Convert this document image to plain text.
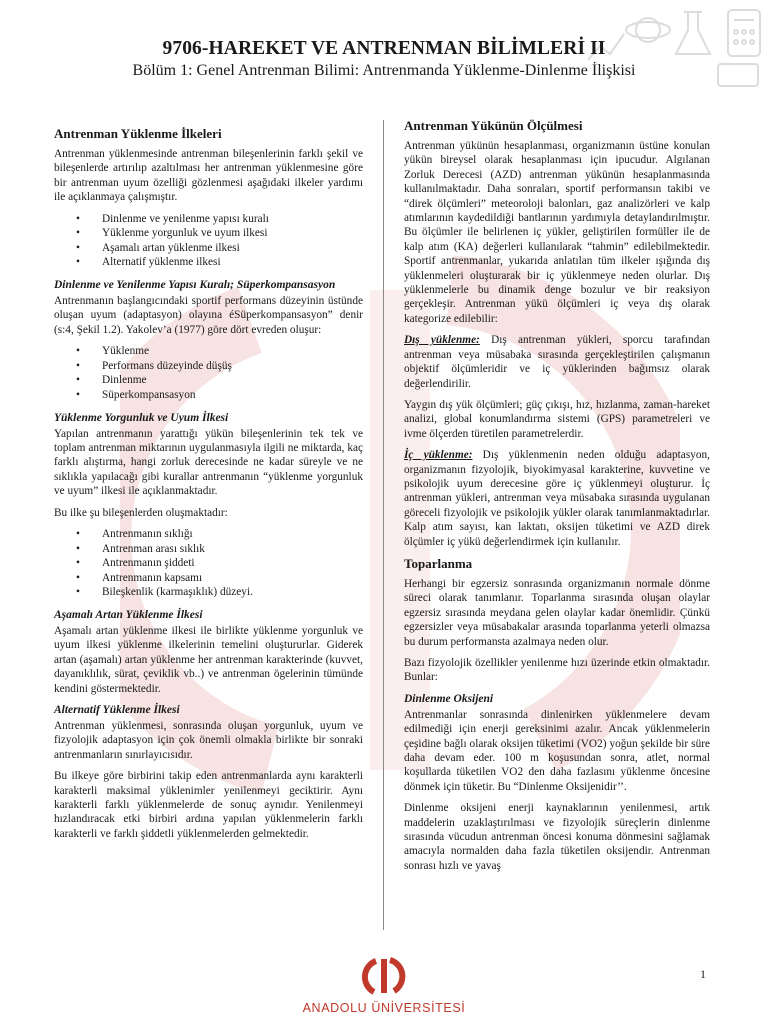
9706-HAREKET VE ANTRENMAN BİLİMLERİ II
Bölüm 1: Genel Antrenman Bilimi: Antrenmanda Yüklenme-Dinlenme İlişkisi
Antrenman Yüklenme İlkeleri

Antrenman yüklenmesinde antrenman bileşenlerinin farklı şekil ve bileşenlerde artırılıp azaltılması her antrenman yüklenmesine göre bir antrenman uyum özelliği gözlenmesi aşağıdaki ilkeler yardımı ile açıklanmaya çalışmıştır.

• Dinlenme ve yenilenme yapısı kuralı
• Yüklenme yorgunluk ve uyum ilkesi
• Aşamalı artan yüklenme ilkesi
• Alternatif yüklenme ilkesi
Dinlenme ve Yenilenme Yapısı Kuralı; Süperkompansasyon

Antrenmanın başlangıcındaki sportif performans düzeyinin üstünde oluşan uyum (adaptasyon) olayına éSüperkompansasyon” denir (s:4, Şekil 1.2). Yakolev’a (1977) göre dört evreden oluşur:

• Yüklenme
• Performans düzeyinde düşüş
• Dinlenme
• Süperkompansasyon
Yüklenme Yorgunluk ve Uyum İlkesi

Yapılan antrenmanın yarattığı yükün bileşenlerinin tek tek ve toplam antrenman miktarının uygulanmasıyla ilgili ne miktarda, kaç farklı alıştırma, hangi zorluk derecesinde ne kadar süreyle ve ne sıklıkla yapılacağı gibi kurallar antrenmanın “yüklenme yorgunluk ve uyum” ilkesi ile açıklanmaktadır.

Bu ilke şu bileşenlerden oluşmaktadır:

• Antrenmanın sıklığı
• Antrenman arası sıklık
• Antrenmanın şiddeti
• Antrenmanın kapsamı
• Bileşkenlik (karmaşıklık) düzeyi.
Aşamalı Artan Yüklenme İlkesi

Aşamalı artan yüklenme ilkesi ile birlikte yüklenme yorgunluk ve uyum ilkesi yüklenme ilkelerinin temelini oluştururlar. Giderek artan (aşamalı) artan yüklenme her antrenman karakterinde (kuvvet, dayanıklılık, sürat, çeviklik vb..) ve antrenman ögelerinin tümünde kendini göstermektedir.

Alternatif Yüklenme İlkesi

Antrenman yüklenmesi, sonrasında oluşan yorgunluk, uyum ve fizyolojik adaptasyon için çok önemli olmakla birlikte bir sonraki antrenmanların sınırlayıcısıdır.

Bu ilkeye göre birbirini takip eden antrenmanlarda aynı karakterli karakterli maksimal yüklenimler yenilenmeyi geciktirir. Aynı karakterli farklı yüklenmelerde de sonuç aynıdır. Yenilenmeyi hızlandıracak etki birbiri ardına yapılan yüklenmelerin farklı karakterli ve farklı şiddetli yüklenmelerden gelmektedir.

Antrenman Yükünün Ölçülmesi

Antrenman yükünün hesaplanması, organizmanın üstüne konulan yükün bireysel olarak hesaplanması için ipucudur. Algılanan Zorluk Derecesi (AZD) antrenman yükünün hesaplanmasında kullanılmaktadır. Daha sonraları, sportif performansın takibi ve “direk ölçümleri” meteoroloji balonları, gaz analizörleri ve kalp atımlarının kaydedildiği bantlarının yardımıyla detaylandırılmıştır. Bu ölçümler ile belirlenen iç yükler, geliştirilen formüller ile de kalp atım (KA) değerleri kullanılarak “tahmin” edilebilmektedir. Sportif antrenmanlar, yukarıda anlatılan tüm ilkeler ışığında dış yüklenmeleri oluşturarak bir iç yüklenmeye neden olurlar. Dış yüklenmelerle bu dinamik denge bozulur ve bir reaksiyon gerçekleşir. Antrenman yükü ölçümleri iç veya dış olarak kategorize edilebilir:

Dış yüklenme: Dış antrenman yükleri, sporcu tarafından antrenman veya müsabaka sırasında gerçekleştirilen çalışmanın objektif ölçümleridir ve iç yüklerinden bağımsız olarak değerlendirilir.

Yaygın dış yük ölçümleri; güç çıkışı, hız, hızlanma, zaman-hareket analizi, global konumlandırma sistemi (GPS) parametreleri ve ivme ölçerden türetilen parametrelerdir.

İç yüklenme: Dış yüklenmenin neden olduğu adaptasyon, organizmanın fizyolojik, biyokimyasal karakterine, kuvvetine ve psikolojik uyum derecesine göre iç yüklenmeyi oluşturur. İç antrenman yükleri, antrenman veya müsabaka sırasında uygulanan göreceli fizyolojik ve psikolojik yükler olarak tanımlanmaktadırlar. Kalp atım sayısı, kan laktatı, oksijen tüketimi ve AZD direk ölçümler iç yükü değerlendirmek için kullanılır.

Toparlanma

Herhangi bir egzersiz sonrasında organizmanın normale dönme süreci olarak tanımlanır. Toparlanma sırasında oluşan olaylar egzersiz sırasında meydana gelen olaylar kadar önemlidir. Çünkü egzersizler veya müsabakalar arasında toparlanma yeterli olmazsa bu durum performansta azalmaya neden olur.

Bazı fizyolojik özellikler yenilenme hızı üzerinde etkin olmaktadır. Bunlar:

Dinlenme Oksijeni

Antrenmanlar sonrasında dinlenirken yüklenmelere devam edilmediği için enerji gereksinimi azalır. Ancak yüklenmelerin çeşidine bağlı olarak oksijen tüketimi (VO2) yoğun şekilde bir süre daha devam eder. 100 m koşusundan sonra, atlet, normal koşullarda tüketilen VO2 den daha fazlasını yüklenme öncesine dönmek için tüketir. Bu “Dinlenme Oksijenidir’’.

Dinlenme oksijeni enerji kaynaklarının yenilenmesi, artık maddelerin uzaklaştırılması ve fizyolojik süreçlerin dinlenme sırasında vücudun antrenman öncesi konuma dönmesini sağlamak amacıyla normalden daha fazla tüketilen oksijendir. Antrenman sonrası hızlı ve yavaş

1
ANADOLU ÜNİVERSİTESİ
